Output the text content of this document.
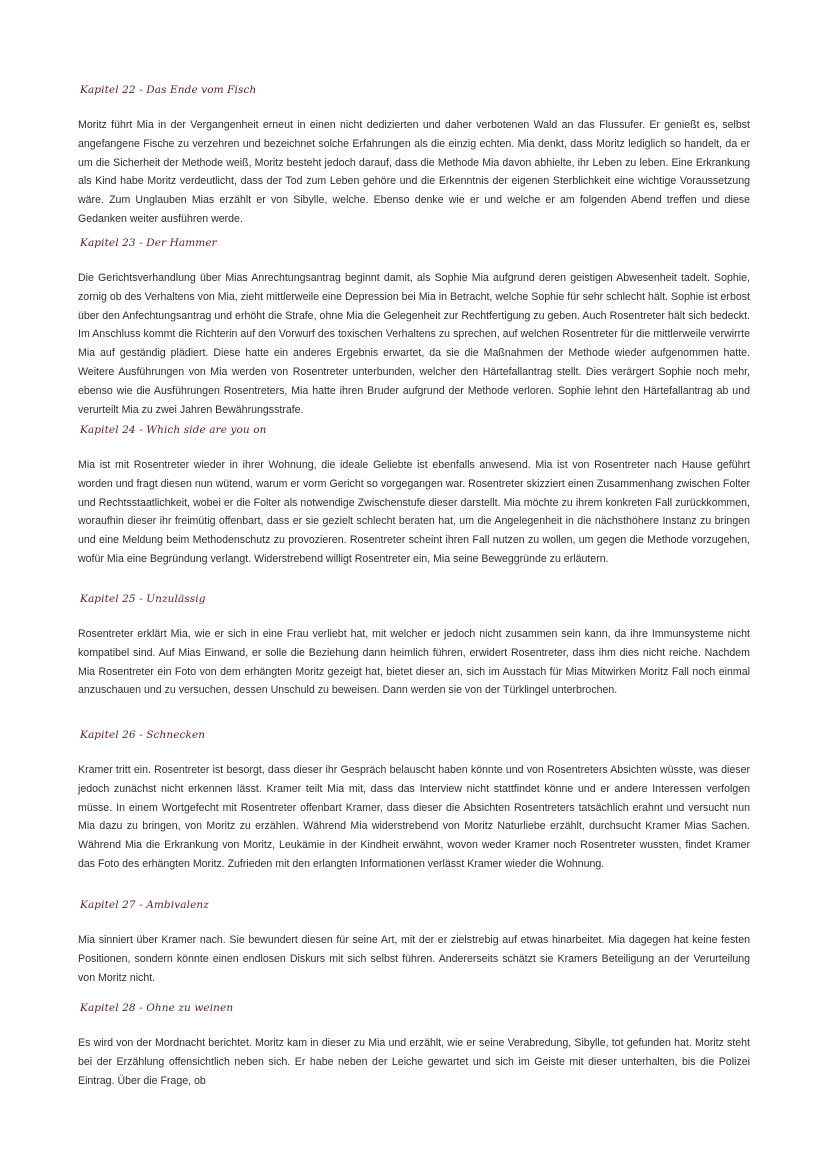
Kapitel 22 - Das Ende vom Fisch
Moritz führt Mia in der Vergangenheit erneut in einen nicht dedizierten und daher verbotenen Wald an das Flussufer. Er genießt es, selbst angefangene Fische zu verzehren und bezeichnet solche Erfahrungen als die einzig echten. Mia denkt, dass Moritz lediglich so handelt, da er um die Sicherheit der Methode weiß, Moritz besteht jedoch darauf, dass die Methode Mia davon abhielte, ihr Leben zu leben. Eine Erkrankung als Kind habe Moritz verdeutlicht, dass der Tod zum Leben gehöre und die Erkenntnis der eigenen Sterblichkeit eine wichtige Voraussetzung wäre. Zum Unglauben Mias erzählt er von Sibylle, welche. Ebenso denke wie er und welche er am folgenden Abend treffen und diese Gedanken weiter ausführen werde.
Kapitel 23 - Der Hammer
Die Gerichtsverhandlung über Mias Anrechtungsantrag beginnt damit, als Sophie Mia aufgrund deren geistigen Abwesenheit tadelt. Sophie, zornig ob des Verhaltens von Mia, zieht mittlerweile eine Depression bei Mia in Betracht, welche Sophie für sehr schlecht hält. Sophie ist erbost über den Anfechtungsantrag und erhöht die Strafe, ohne Mia die Gelegenheit zur Rechtfertigung zu geben. Auch Rosentreter hält sich bedeckt. Im Anschluss kommt die Richterin auf den Vorwurf des toxischen Verhaltens zu sprechen, auf welchen Rosentreter für die mittlerweile verwirrte Mia auf geständig plädiert. Diese hatte ein anderes Ergebnis erwartet, da sie die Maßnahmen der Methode wieder aufgenommen hatte. Weitere Ausführungen von Mia werden von Rosentreter unterbunden, welcher den Härtefallantrag stellt. Dies verärgert Sophie noch mehr, ebenso wie die Ausführungen Rosentreters, Mia hatte ihren Bruder aufgrund der Methode verloren. Sophie lehnt den Härtefallantrag ab und verurteilt Mia zu zwei Jahren Bewährungsstrafe.
Kapitel 24 - Which side are you on
Mia ist mit Rosentreter wieder in ihrer Wohnung, die ideale Geliebte ist ebenfalls anwesend. Mia ist von Rosentreter nach Hause geführt worden und fragt diesen nun wütend, warum er vorm Gericht so vorgegangen war. Rosentreter skizziert einen Zusammenhang zwischen Folter und Rechtsstaatlichkeit, wobei er die Folter als notwendige Zwischenstufe dieser darstellt. Mia möchte zu ihrem konkreten Fall zurückkommen, woraufhin dieser ihr freimütig offenbart, dass er sie gezielt schlecht beraten hat, um die Angelegenheit in die nächsthöhere Instanz zu bringen und eine Meldung beim Methodenschutz zu provozieren. Rosentreter scheint ihren Fall nutzen zu wollen, um gegen die Methode vorzugehen, wofür Mia eine Begründung verlangt. Widerstrebend willigt Rosentreter ein, Mia seine Beweggründe zu erläutern.
Kapitel 25 - Unzulässig
Rosentreter erklärt Mia, wie er sich in eine Frau verliebt hat, mit welcher er jedoch nicht zusammen sein kann, da ihre Immunsysteme nicht kompatibel sind. Auf Mias Einwand, er solle die Beziehung dann heimlich führen, erwidert Rosentreter, dass ihm dies nicht reiche. Nachdem Mia Rosentreter ein Foto von dem erhängten Moritz gezeigt hat, bietet dieser an, sich im Ausstach für Mias Mitwirken Moritz Fall noch einmal anzuschauen und zu versuchen, dessen Unschuld zu beweisen. Dann werden sie von der Türklingel unterbrochen.
Kapitel 26 - Schnecken
Kramer tritt ein. Rosentreter ist besorgt, dass dieser ihr Gespräch belauscht haben könnte und von Rosentreters Absichten wüsste, was dieser jedoch zunächst nicht erkennen lässt. Kramer teilt Mia mit, dass das Interview nicht stattfindet könne und er andere Interessen verfolgen müsse. In einem Wortgefecht mit Rosentreter offenbart Kramer, dass dieser die Absichten Rosentreters tatsächlich erahnt und versucht nun Mia dazu zu bringen, von Moritz zu erzählen. Während Mia widerstrebend von Moritz Naturliebe erzählt, durchsucht Kramer Mias Sachen. Während Mia die Erkrankung von Moritz, Leukämie in der Kindheit erwähnt, wovon weder Kramer noch Rosentreter wussten, findet Kramer das Foto des erhängten Moritz. Zufrieden mit den erlangten Informationen verlässt Kramer wieder die Wohnung.
Kapitel 27 - Ambivalenz
Mia sinniert über Kramer nach. Sie bewundert diesen für seine Art, mit der er zielstrebig auf etwas hinarbeitet. Mia dagegen hat keine festen Positionen, sondern könnte einen endlosen Diskurs mit sich selbst führen. Andererseits schätzt sie Kramers Beteiligung an der Verurteilung von Moritz nicht.
Kapitel 28 - Ohne zu weinen
Es wird von der Mordnacht berichtet. Moritz kam in dieser zu Mia und erzählt, wie er seine Verabredung, Sibylle, tot gefunden hat. Moritz steht bei der Erzählung offensichtlich neben sich. Er habe neben der Leiche gewartet und sich im Geiste mit dieser unterhalten, bis die Polizei Eintrag. Über die Frage, ob
